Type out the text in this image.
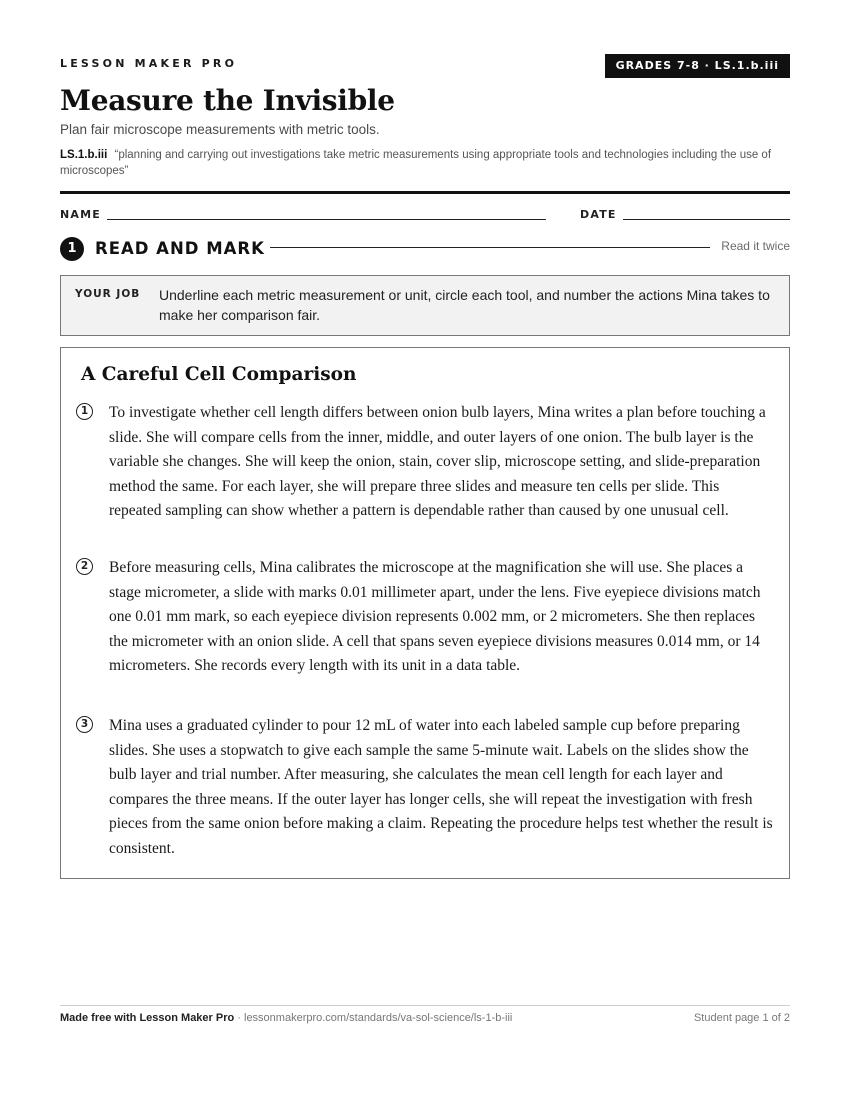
LESSON MAKER PRO	GRADES 7-8 · LS.1.b.iii
Measure the Invisible
Plan fair microscope measurements with metric tools.
LS.1.b.iii “planning and carrying out investigations take metric measurements using appropriate tools and technologies including the use of microscopes”
NAME	DATE
1	READ AND MARK	Read it twice
YOUR JOB Underline each metric measurement or unit, circle each tool, and number the actions Mina takes to make her comparison fair.
A Careful Cell Comparison
1	To investigate whether cell length differs between onion bulb layers, Mina writes a plan before touching a slide. She will compare cells from the inner, middle, and outer layers of one onion. The bulb layer is the variable she changes. She will keep the onion, stain, cover slip, microscope setting, and slide-preparation method the same. For each layer, she will prepare three slides and measure ten cells per slide. This repeated sampling can show whether a pattern is dependable rather than caused by one unusual cell.
2	Before measuring cells, Mina calibrates the microscope at the magnification she will use. She places a stage micrometer, a slide with marks 0.01 millimeter apart, under the lens. Five eyepiece divisions match one 0.01 mm mark, so each eyepiece division represents 0.002 mm, or 2 micrometers. She then replaces the micrometer with an onion slide. A cell that spans seven eyepiece divisions measures 0.014 mm, or 14 micrometers. She records every length with its unit in a data table.
3	Mina uses a graduated cylinder to pour 12 mL of water into each labeled sample cup before preparing slides. She uses a stopwatch to give each sample the same 5-minute wait. Labels on the slides show the bulb layer and trial number. After measuring, she calculates the mean cell length for each layer and compares the three means. If the outer layer has longer cells, she will repeat the investigation with fresh pieces from the same onion before making a claim. Repeating the procedure helps test whether the result is consistent.
Made free with Lesson Maker Pro · lessonmakerpro.com/standards/va-sol-science/ls-1-b-iii	Student page 1 of 2
